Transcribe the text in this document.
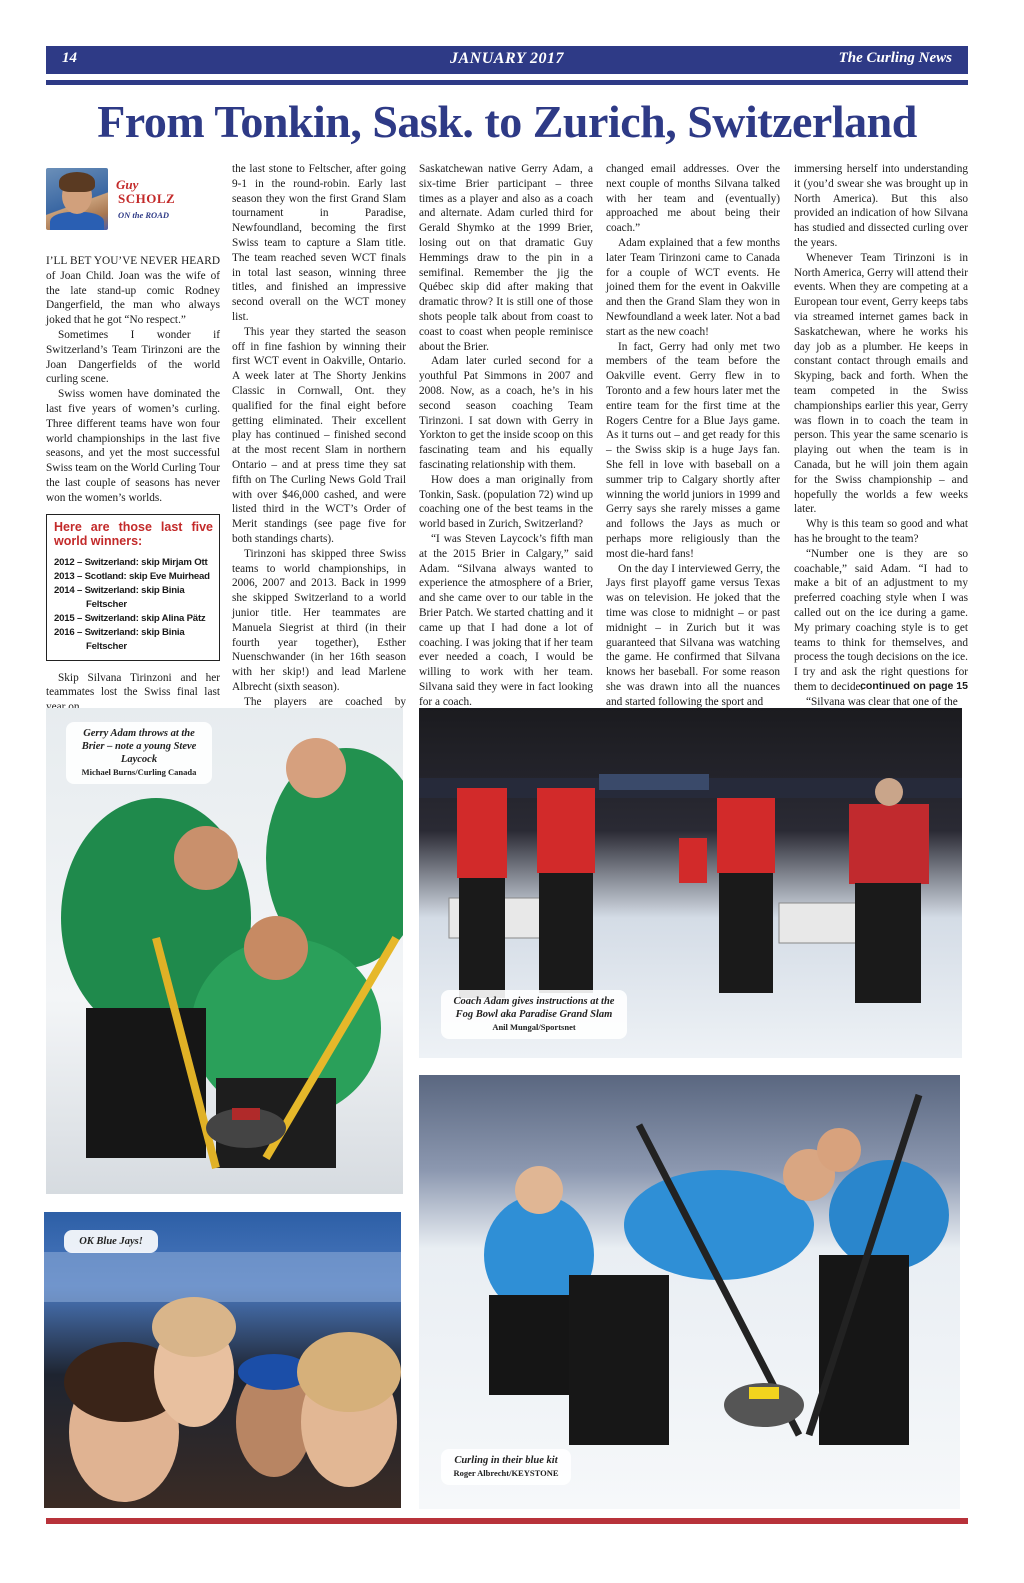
14	JANUARY 2017	The Curling News
From Tonkin, Sask. to Zurich, Switzerland
Guy
SCHOLZ
ON the ROAD

I’LL BET YOU’VE NEVER HEARD of Joan Child. Joan was the wife of the late stand-up comic Rodney Dangerfield, the man who always joked that he got “No respect.”

Sometimes I wonder if Switzerland’s Team Tirinzoni are the Joan Dangerfields of the world curling scene.

Swiss women have dominated the last five years of women’s curling. Three different teams have won four world championships in the last five seasons, and yet the most successful Swiss team on the World Curling Tour the last couple of seasons has never won the women’s worlds.

Here are those last five world winners:
2012 – Switzerland: skip Mirjam Ott
2013 – Scotland: skip Eve Muirhead
2014 – Switzerland: skip Binia
Feltscher
2015 – Switzerland: skip Alina Pätz
2016 – Switzerland: skip Binia
Feltscher

Skip Silvana Tirinzoni and her teammates lost the Swiss final last

the last stone to Feltscher, after going 9-1 in the round-robin. Early last season they won the first Grand Slam tournament in Paradise, Newfoundland, becoming the first Swiss team to capture a Slam title. The team reached seven WCT finals in total last season, winning three titles, and finished an impressive second overall on the WCT money list.

This year they started the season off in fine fashion by winning their first WCT event in Oakville, Ontario. A week later at The Shorty Jenkins Classic in Cornwall, Ont. they qualified for the final eight before getting eliminated. Their excellent play has continued – finished second at the most recent Slam in northern Ontario – and at press time they sat fifth on The Curling News Gold Trail with over $46,000 cashed, and were listed third in the WCT’s Order of Merit standings (see page five for both standings charts).

Tirinzoni has skipped three Swiss teams to world championships, in 2006, 2007 and 2013. Back in 1999 she skipped Switzerland to a world junior title. Her teammates are Manuela Siegrist at third (in their fourth year together), Esther Nuenschwander (in her 16th season with her skip!) and lead Marlene Albrecht (sixth season).

The players are coached by

Saskatchewan native Gerry Adam, a six-time Brier participant – three times as a player and also as a coach and alternate. Adam curled third for Gerald Shymko at the 1999 Brier, losing out on that dramatic Guy Hemmings draw to the pin in a semifinal. Remember the jig the Québec skip did after making that dramatic throw? It is still one of those shots people talk about from coast to coast to coast when people reminisce about the Brier.

Adam later curled second for a youthful Pat Simmons in 2007 and 2008. Now, as a coach, he’s in his second season coaching Team Tirinzoni. I sat down with Gerry in Yorkton to get the inside scoop on this fascinating team and his equally fascinating relationship with them.

How does a man originally from Tonkin, Sask. (population 72) wind up coaching one of the best teams in the world based in Zurich, Switzerland?

“I was Steven Laycock’s fifth man at the 2015 Brier in Calgary,” said Adam. “Silvana always wanted to experience the atmosphere of a Brier, and she came over to our table in the Brier Patch. We started chatting and it came up that I had done a lot of coaching. I was joking that if her team ever needed a coach, I would be willing to work with her team. Silvana said they were in fact looking for a coach.

changed email addresses. Over the next couple of months Silvana talked with her team and (eventually) approached me about being their coach.”

Adam explained that a few months later Team Tirinzoni came to Canada for a couple of WCT events. He joined them for the event in Oakville and then the Grand Slam they won in Newfoundland a week later. Not a bad start as the new coach!

In fact, Gerry had only met two members of the team before the Oakville event. Gerry flew in to Toronto and a few hours later met the entire team for the first time at the Rogers Centre for a Blue Jays game. As it turns out – and get ready for this – the Swiss skip is a huge Jays fan. She fell in love with baseball on a summer trip to Calgary shortly after winning the world juniors in 1999 and Gerry says she rarely misses a game and follows the Jays as much or perhaps more religiously than the most die-hard fans!

On the day I interviewed Gerry, the Jays first playoff game versus Texas was on television. He joked that the time was close to midnight – or past midnight – in Zurich but it was guaranteed that Silvana was watching the game. He confirmed that Silvana knows her baseball. For some reason she was drawn into all the nuances and started following the sport and

immersing herself into understanding it (you’d swear she was brought up in North America). But this also provided an indication of how Silvana has studied and dissected curling over the years.

Whenever Team Tirinzoni is in North America, Gerry will attend their events. When they are competing at a European tour event, Gerry keeps tabs via streamed internet games back in Saskatchewan, where he works his day job as a plumber. He keeps in constant contact through emails and Skyping, back and forth. When the team competed in the Swiss championships earlier this year, Gerry was flown in to coach the team in person. This year the same scenario is playing out when the team is in Canada, but he will join them again for the Swiss championship – and hopefully the worlds a few weeks later.

Why is this team so good and what has he brought to the team?

“Number one is they are so coachable,” said Adam. “I had to make a bit of an adjustment to my preferred coaching style when I was called out on the ice during a game. My primary coaching style is to get teams to think for themselves, and process the tough decisions on the ice. I try and ask the right questions for them to decide.

“Silvana was clear that one of the

continued on page 15
Gerry Adam throws at the Brier – note a young Steve Laycock
Michael Burns/Curling Canada
Coach Adam gives instructions at the Fog Bowl aka Paradise Grand Slam
Anil Mungal/Sportsnet
OK Blue Jays!
Curling in their blue kit
Roger Albrecht/KEYSTONE
